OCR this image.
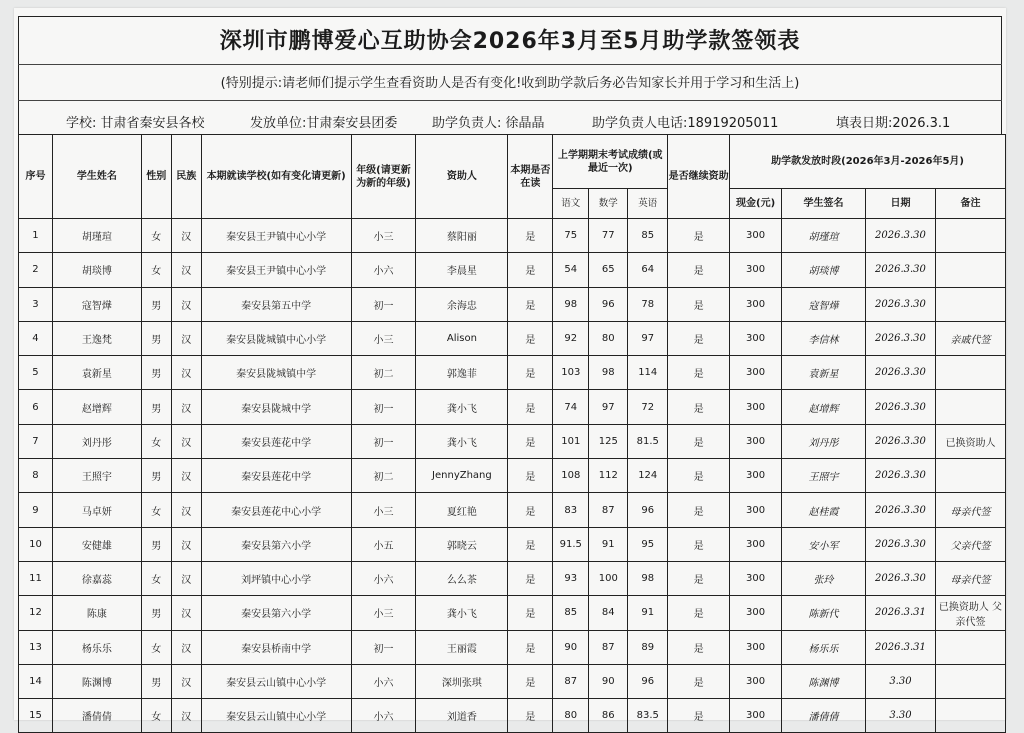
深圳市鹏博爱心互助协会2026年3月至5月助学款签领表
(特别提示:请老师们提示学生查看资助人是否有变化!收到助学款后务必告知家长并用于学习和生活上)
学校: 甘肃省秦安县各校	发放单位:甘肃秦安县团委	助学负责人: 徐晶晶	助学负责人电话:18919205011	填表日期:2026.3.1
序号	学生姓名	性别	民族	本期就读学校(如有变化请更新)	年级(请更新为新的年级)	资助人	本期是否在读	上学期期末考试成绩(或最近一次)			是否继续资助	助学款发放时段(2026年3月-2026年5月)			
								语文	数学	英语		现金(元)	学生签名	日期	备注
1	胡瑾瑄	女	汉	秦安县王尹镇中心小学	小三	蔡阳丽	是	75	77	85	是	300	胡瑾瑄	2026.3.30	
2	胡琰博	女	汉	秦安县王尹镇中心小学	小六	李晨星	是	54	65	64	是	300	胡琰博	2026.3.30	
3	寇智燁	男	汉	秦安县第五中学	初一	余海忠	是	98	96	78	是	300	寇智燁	2026.3.30	
4	王逸梵	男	汉	秦安县陇城镇中心小学	小三	Alison	是	92	80	97	是	300	李信林	2026.3.30	亲戚代签
5	袁新星	男	汉	秦安县陇城镇中学	初二	郭逸菲	是	103	98	114	是	300	袁新星	2026.3.30	
6	赵增辉	男	汉	秦安县陇城中学	初一	龚小飞	是	74	97	72	是	300	赵增辉	2026.3.30	
7	刘丹彤	女	汉	秦安县莲花中学	初一	龚小飞	是	101	125	81.5	是	300	刘丹彤	2026.3.30	已换资助人
8	王照宇	男	汉	秦安县莲花中学	初二	JennyZhang	是	108	112	124	是	300	王照宇	2026.3.30	
9	马卓妍	女	汉	秦安县莲花中心小学	小三	夏红艳	是	83	87	96	是	300	赵桂霞	2026.3.30	母亲代签
10	安健雄	男	汉	秦安县第六小学	小五	郭晓云	是	91.5	91	95	是	300	安小军	2026.3.30	父亲代签
11	徐嘉蕊	女	汉	刘坪镇中心小学	小六	么么茶	是	93	100	98	是	300	张玲	2026.3.30	母亲代签
12	陈康	男	汉	秦安县第六小学	小三	龚小飞	是	85	84	91	是	300	陈新代	2026.3.31	已换资助人 父亲代签
13	杨乐乐	女	汉	秦安县桥南中学	初一	王丽霞	是	90	87	89	是	300	杨乐乐	2026.3.31	
14	陈渊博	男	汉	秦安县云山镇中心小学	小六	深圳张琪	是	87	90	96	是	300	陈渊博	3.30	
15	潘倩倩	女	汉	秦安县云山镇中心小学	小六	刘道香	是	80	86	83.5	是	300	潘倩倩	3.30	
